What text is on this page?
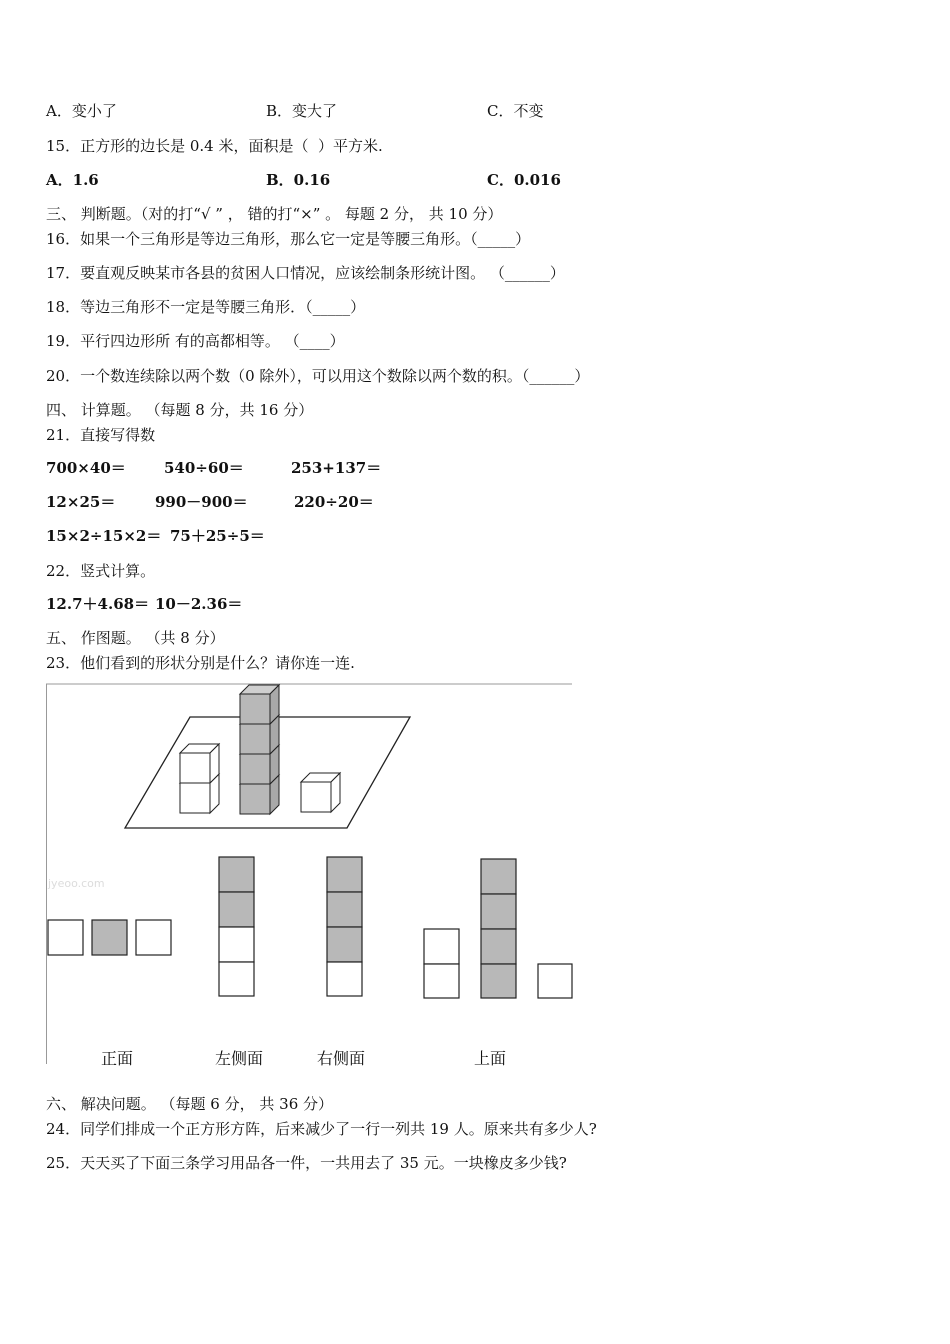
A．变小了	B．变大了	C．不变
15．正方形的边长是 0.4 米，面积是（  ）平方米.
A．1.6	B．0.16	C．0.016
三、 判断题。（对的打“√ ” ， 错的打“×” 。 每题 2 分， 共 10 分）
16．如果一个三角形是等边三角形，那么它一定是等腰三角形。（_____）
17．要直观反映某市各县的贫困人口情况，应该绘制条形统计图。 （______）
18．等边三角形不一定是等腰三角形．（_____）
19．平行四边形所 有的高都相等。 （____）
20．一个数连续除以两个数（0 除外），可以用这个数除以两个数的积。（______）
四、 计算题。 （每题 8 分，共 16 分）
21．直接写得数
700×40＝	540÷60＝	253+137＝
12×25＝	990－900＝	220÷20＝
15×2÷15×2＝ 75＋25÷5＝
22．竖式计算。
12.7＋4.68＝ 10－2.36＝
五、 作图题。 （共 8 分）
23．他们看到的形状分别是什么？请你连一连.
jyeoo.com
正面	左侧面	右侧面	上面
六、 解决问题。 （每题 6 分， 共 36 分）
24．同学们排成一个正方形方阵，后来减少了一行一列共 19 人。原来共有多少人?
25．天天买了下面三条学习用品各一件，一共用去了 35 元。一块橡皮多少钱?
